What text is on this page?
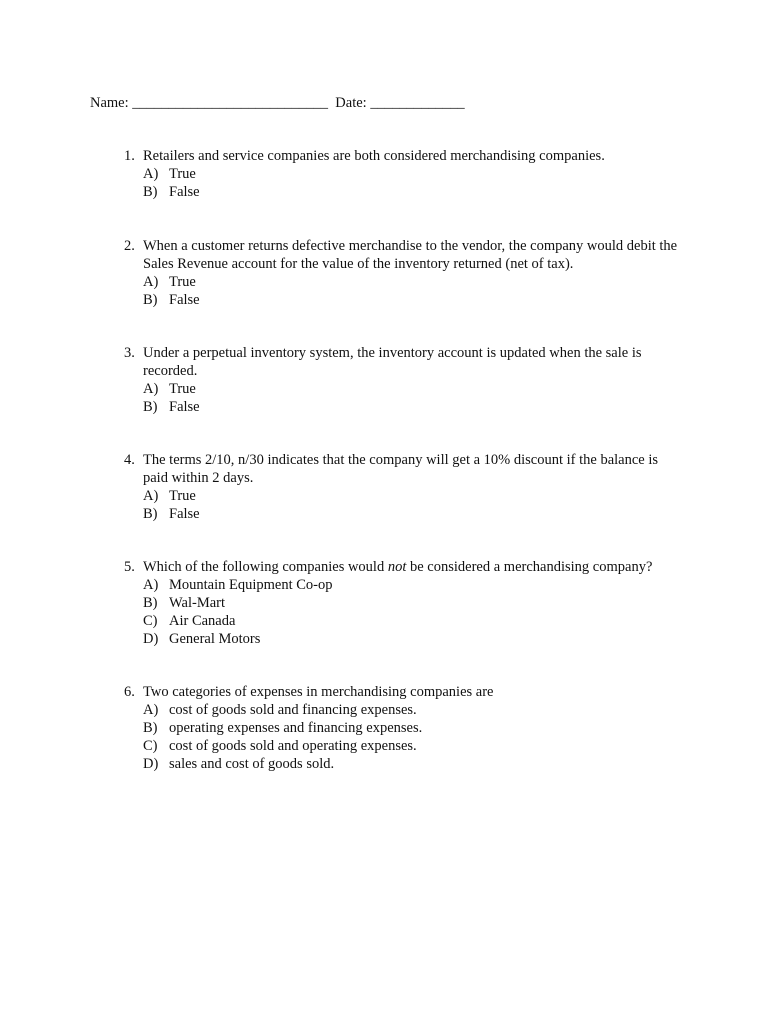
Name: ___________________________ Date: _____________
1. Retailers and service companies are both considered merchandising companies.
A) True
B) False
2. When a customer returns defective merchandise to the vendor, the company would debit the Sales Revenue account for the value of the inventory returned (net of tax).
A) True
B) False
3. Under a perpetual inventory system, the inventory account is updated when the sale is recorded.
A) True
B) False
4. The terms 2/10, n/30 indicates that the company will get a 10% discount if the balance is paid within 2 days.
A) True
B) False
5. Which of the following companies would not be considered a merchandising company?
A) Mountain Equipment Co-op
B) Wal-Mart
C) Air Canada
D) General Motors
6. Two categories of expenses in merchandising companies are
A) cost of goods sold and financing expenses.
B) operating expenses and financing expenses.
C) cost of goods sold and operating expenses.
D) sales and cost of goods sold.
